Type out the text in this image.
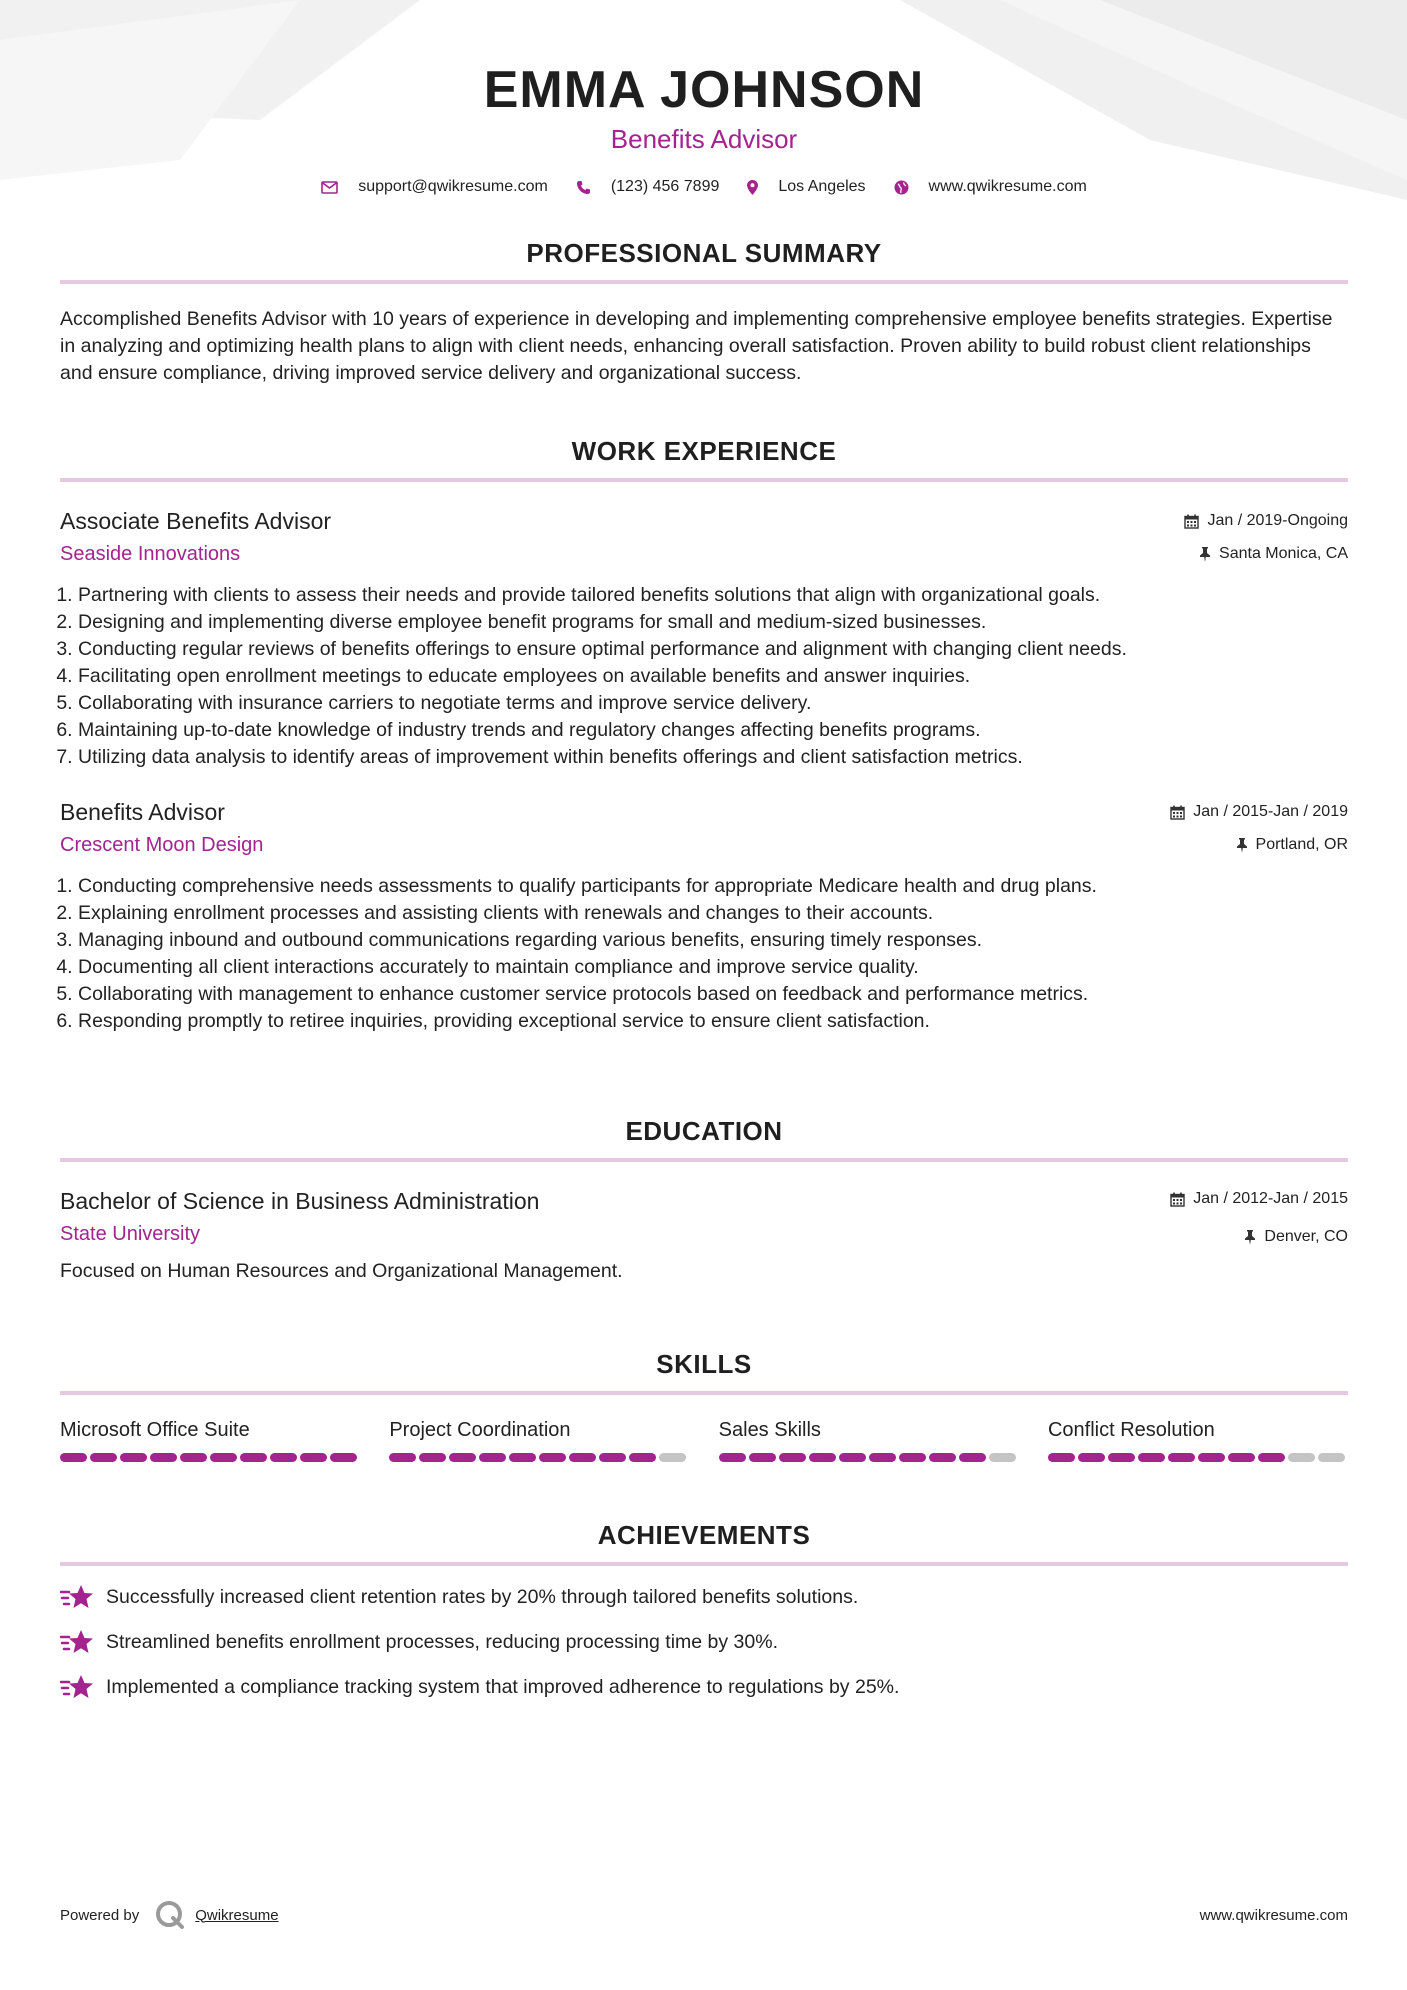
EMMA JOHNSON
Benefits Advisor
support@qwikresume.com	(123) 456 7899	Los Angeles	www.qwikresume.com
PROFESSIONAL SUMMARY
Accomplished Benefits Advisor with 10 years of experience in developing and implementing comprehensive employee benefits strategies. Expertise in analyzing and optimizing health plans to align with client needs, enhancing overall satisfaction. Proven ability to build robust client relationships and ensure compliance, driving improved service delivery and organizational success.
WORK EXPERIENCE
Associate Benefits Advisor
Seaside Innovations
Jan / 2019-Ongoing
Santa Monica, CA
1. Partnering with clients to assess their needs and provide tailored benefits solutions that align with organizational goals.
2. Designing and implementing diverse employee benefit programs for small and medium-sized businesses.
3. Conducting regular reviews of benefits offerings to ensure optimal performance and alignment with changing client needs.
4. Facilitating open enrollment meetings to educate employees on available benefits and answer inquiries.
5. Collaborating with insurance carriers to negotiate terms and improve service delivery.
6. Maintaining up-to-date knowledge of industry trends and regulatory changes affecting benefits programs.
7. Utilizing data analysis to identify areas of improvement within benefits offerings and client satisfaction metrics.
Benefits Advisor
Crescent Moon Design
Jan / 2015-Jan / 2019
Portland, OR
1. Conducting comprehensive needs assessments to qualify participants for appropriate Medicare health and drug plans.
2. Explaining enrollment processes and assisting clients with renewals and changes to their accounts.
3. Managing inbound and outbound communications regarding various benefits, ensuring timely responses.
4. Documenting all client interactions accurately to maintain compliance and improve service quality.
5. Collaborating with management to enhance customer service protocols based on feedback and performance metrics.
6. Responding promptly to retiree inquiries, providing exceptional service to ensure client satisfaction.
EDUCATION
Bachelor of Science in Business Administration
State University
Jan / 2012-Jan / 2015
Denver, CO
Focused on Human Resources and Organizational Management.
SKILLS
Microsoft Office Suite	Project Coordination	Sales Skills	Conflict Resolution
ACHIEVEMENTS
Successfully increased client retention rates by 20% through tailored benefits solutions.
Streamlined benefits enrollment processes, reducing processing time by 30%.
Implemented a compliance tracking system that improved adherence to regulations by 25%.
Powered by	Qwikresume	www.qwikresume.com
